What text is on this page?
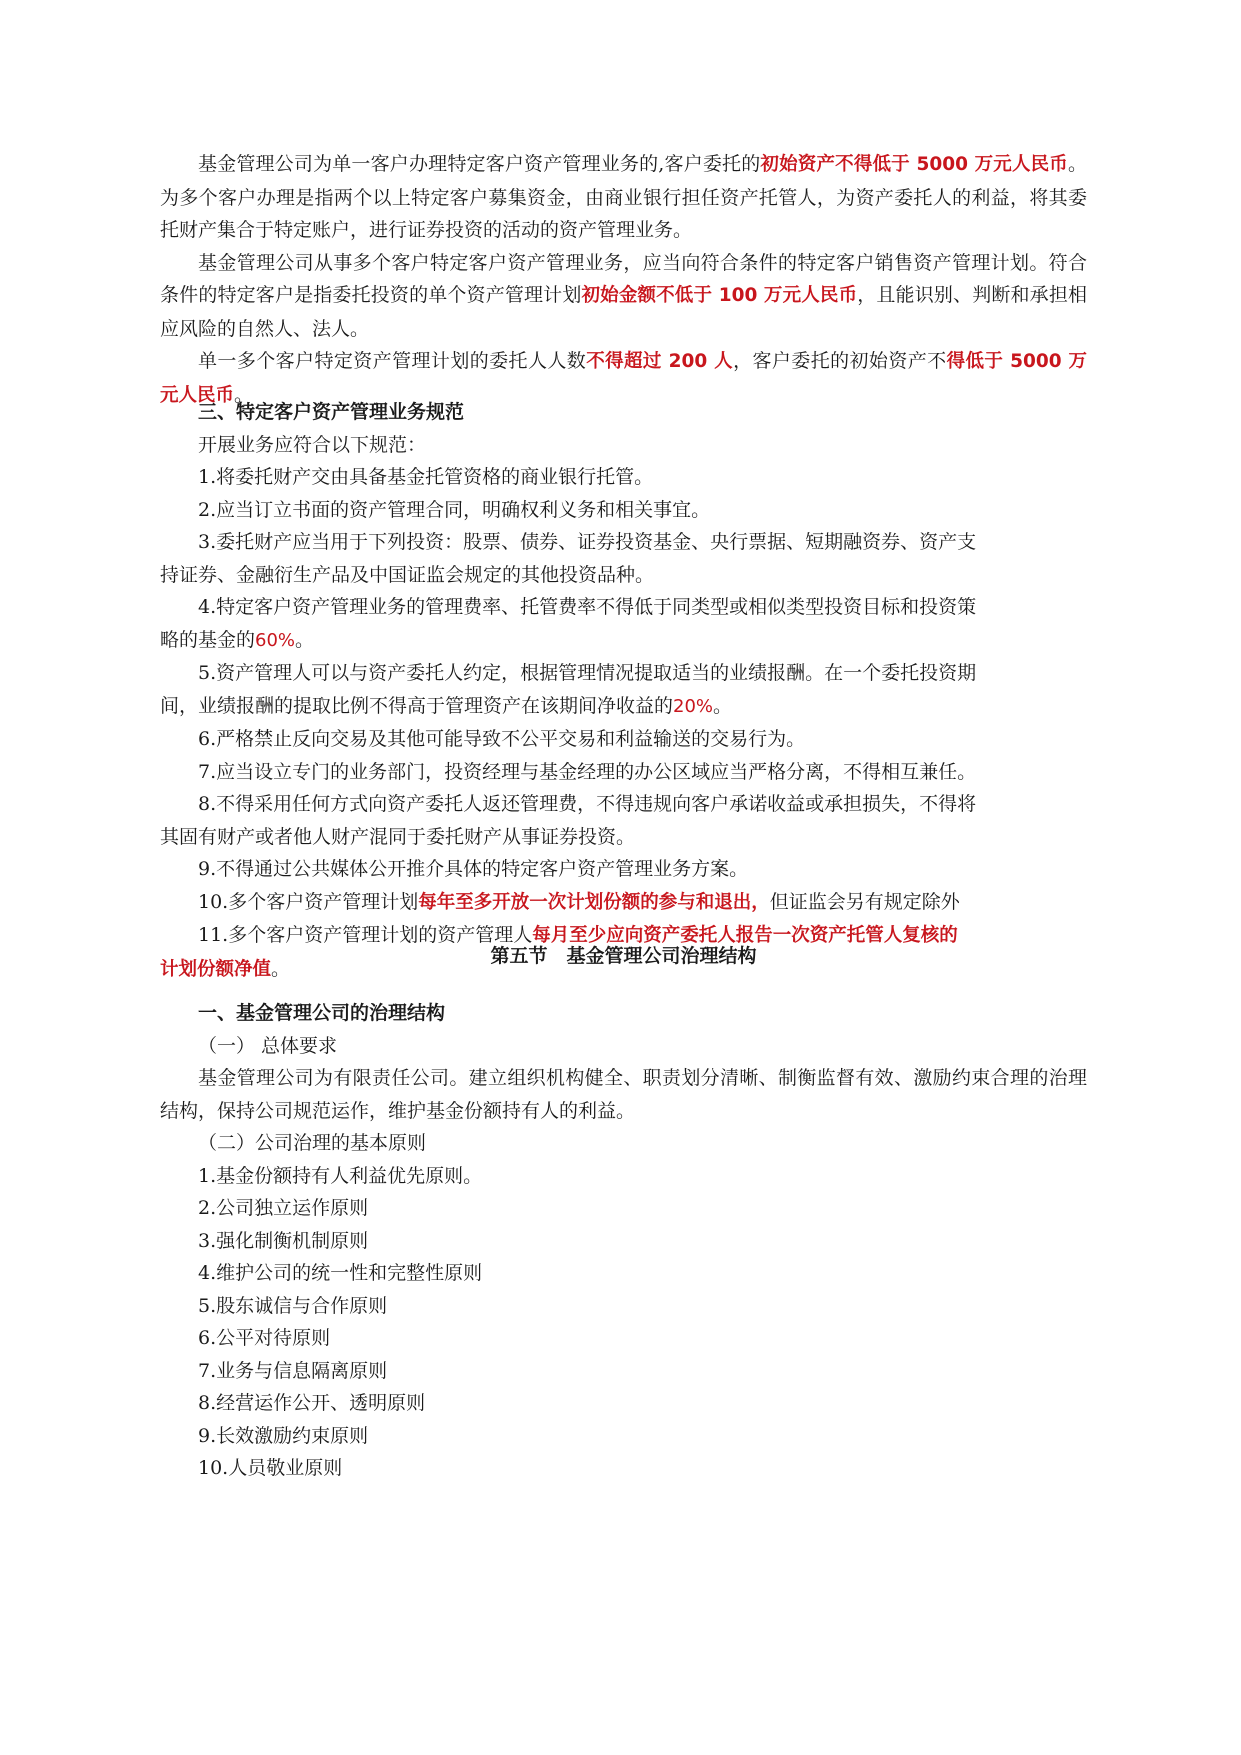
基金管理公司为单一客户办理特定客户资产管理业务的,客户委托的初始资产不得低于 5000 万元人民币。为多个客户办理是指两个以上特定客户募集资金，由商业银行担任资产托管人，为资产委托人的利益，将其委托财产集合于特定账户，进行证券投资的活动的资产管理业务。

基金管理公司从事多个客户特定客户资产管理业务，应当向符合条件的特定客户销售资产管理计划。符合条件的特定客户是指委托投资的单个资产管理计划初始金额不低于 100 万元人民币，且能识别、判断和承担相应风险的自然人、法人。

单一多个客户特定资产管理计划的委托人人数不得超过 200 人，客户委托的初始资产不得低于 5000 万元人民币。

三、特定客户资产管理业务规范

开展业务应符合以下规范：

1.将委托财产交由具备基金托管资格的商业银行托管。

2.应当订立书面的资产管理合同，明确权利义务和相关事宜。

3.委托财产应当用于下列投资：股票、债券、证券投资基金、央行票据、短期融资券、资产支

持证券、金融衍生产品及中国证监会规定的其他投资品种。

4.特定客户资产管理业务的管理费率、托管费率不得低于同类型或相似类型投资目标和投资策

略的基金的60%。

5.资产管理人可以与资产委托人约定，根据管理情况提取适当的业绩报酬。在一个委托投资期

间，业绩报酬的提取比例不得高于管理资产在该期间净收益的20%。

6.严格禁止反向交易及其他可能导致不公平交易和利益输送的交易行为。

7.应当设立专门的业务部门，投资经理与基金经理的办公区域应当严格分离，不得相互兼任。

8.不得采用任何方式向资产委托人返还管理费，不得违规向客户承诺收益或承担损失，不得将

其固有财产或者他人财产混同于委托财产从事证券投资。

9.不得通过公共媒体公开推介具体的特定客户资产管理业务方案。

10.多个客户资产管理计划每年至多开放一次计划份额的参与和退出，但证监会另有规定除外

11.多个客户资产管理计划的资产管理人每月至少应向资产委托人报告一次资产托管人复核的

计划份额净值。

第五节　基金管理公司治理结构

一、基金管理公司的治理结构

（一） 总体要求

基金管理公司为有限责任公司。建立组织机构健全、职责划分清晰、制衡监督有效、激励约束合理的治理结构，保持公司规范运作，维护基金份额持有人的利益。

（二）公司治理的基本原则

1.基金份额持有人利益优先原则。

2.公司独立运作原则

3.强化制衡机制原则

4.维护公司的统一性和完整性原则

5.股东诚信与合作原则

6.公平对待原则

7.业务与信息隔离原则

8.经营运作公开、透明原则

9.长效激励约束原则

10.人员敬业原则
